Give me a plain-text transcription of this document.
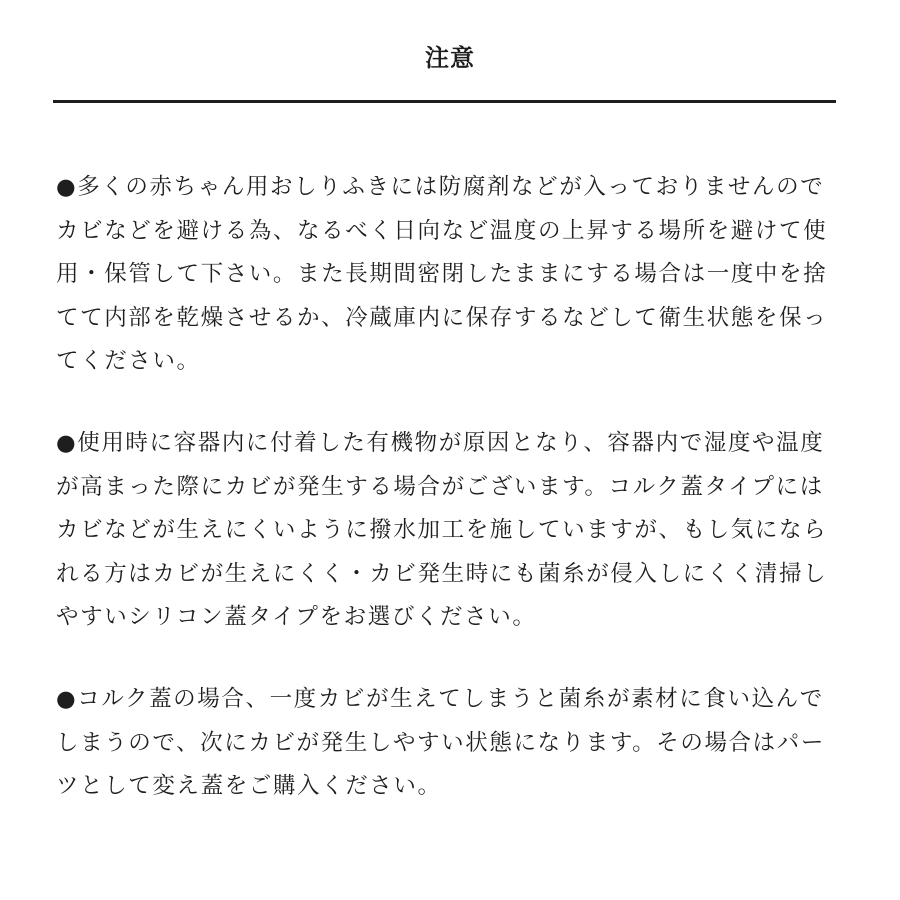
注意
●多くの赤ちゃん用おしりふきには防腐剤などが入っておりませんので
カビなどを避ける為、なるべく日向など温度の上昇する場所を避けて使
用・保管して下さい。また長期間密閉したままにする場合は一度中を捨
てて内部を乾燥させるか、冷蔵庫内に保存するなどして衛生状態を保っ
てください。
●使用時に容器内に付着した有機物が原因となり、容器内で湿度や温度
が高まった際にカビが発生する場合がございます。コルク蓋タイプには
カビなどが生えにくいように撥水加工を施していますが、もし気になら
れる方はカビが生えにくく・カビ発生時にも菌糸が侵入しにくく清掃し
やすいシリコン蓋タイプをお選びください。
●コルク蓋の場合、一度カビが生えてしまうと菌糸が素材に食い込んで
しまうので、次にカビが発生しやすい状態になります。その場合はパー
ツとして変え蓋をご購入ください。
